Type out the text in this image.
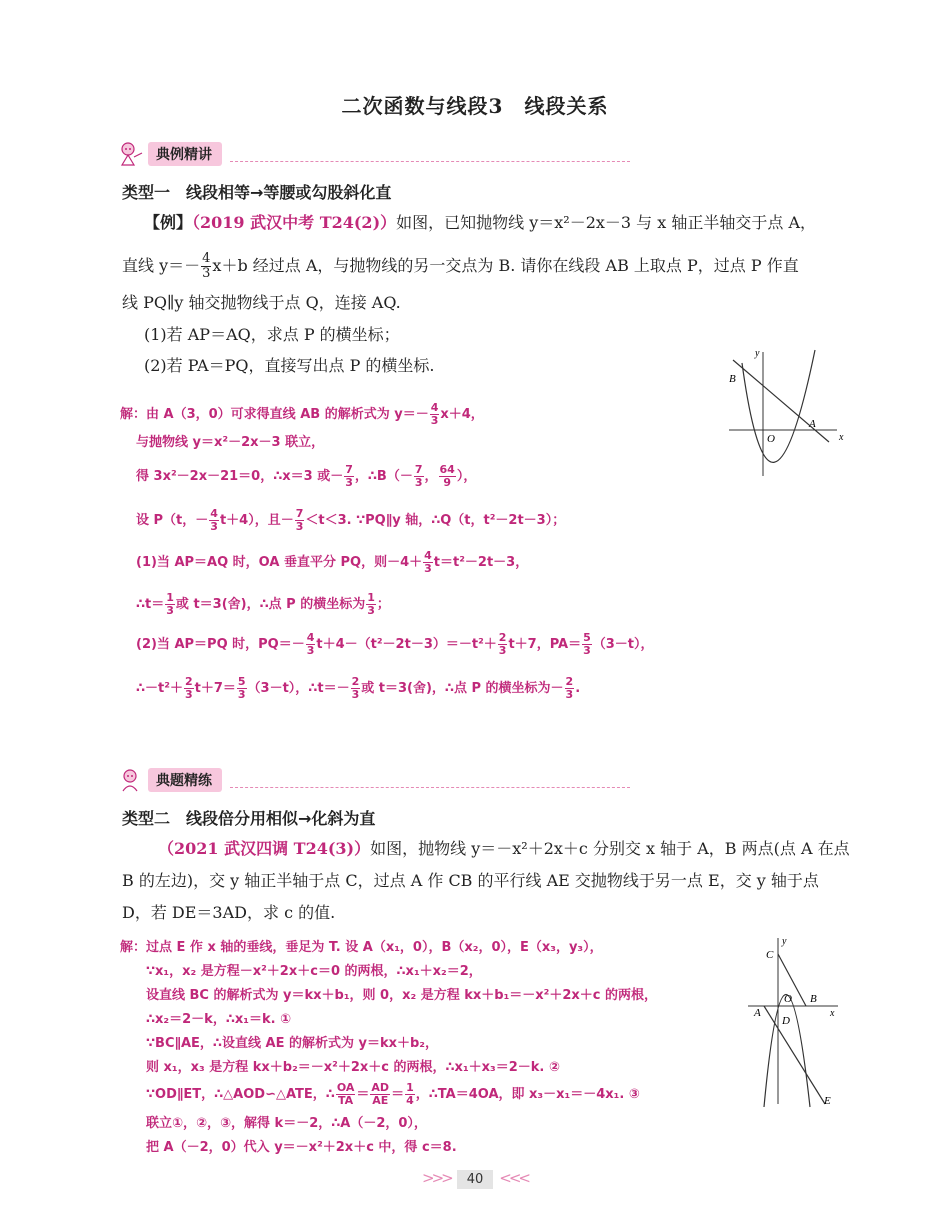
二次函数与线段3　线段关系
典例精讲
类型一　线段相等→等腰或勾股斜化直
【例】（2019 武汉中考 T24(2)）如图，已知抛物线 y＝x²－2x－3 与 x 轴正半轴交于点 A，
直线 $y=- \frac{4}{3} x+b$ 经过点 A，与抛物线的另一交点为 B. 请你在线段 AB 上取点 P，过点 P 作直
线 PQ∥y 轴交抛物线于点 Q，连接 AQ.
(1)若 AP＝AQ，求点 P 的横坐标；
(2)若 PA＝PQ，直接写出点 P 的横坐标.
y
x
B
A
O
解：由 A（3，0）可求得直线 AB 的解析式为 $y=- \frac{4}{3} x+4$，
与抛物线 y＝x²－2x－3 联立，
得 3x²－2x－21＝0，∴x＝3 或－ $\frac{7}{3}$ ，∴B（－ $\frac{7}{3}$ ， $\frac{64}{9}$ ），
设 P（t，－ $\frac{4}{3} t+4$），且－ $\frac{7}{3} <t<3$. ∵PQ∥y 轴，∴Q（t，t²－2t－3）；
(1)当 AP＝AQ 时，OA 垂直平分 PQ，则$-4+ \frac{4}{3} t=t^2-2t-3$，
∴t＝ $\frac{1}{3}$ 或 t＝3(舍)，∴点 P 的横坐标为 $\frac{1}{3}$ ；
(2)当 AP＝PQ 时，$PQ=- \frac{4}{3} t+4-(t^2-2t-3)=-t^2+ \frac{2}{3} t+7$，$PA= \frac{5}{3} (3-t)$，
∴－t²＋ $\frac{2}{3} t+7= \frac{5}{3} (3-t)$，∴t＝－ $\frac{2}{3}$ 或 t＝3(舍)，∴点 P 的横坐标为－ $\frac{2}{3}$ .
典题精练
类型二　线段倍分用相似→化斜为直
（2021 武汉四调 T24(3)）如图，抛物线 y＝－x²＋2x＋c 分别交 x 轴于 A，B 两点(点 A 在点
B 的左边)，交 y 轴正半轴于点 C，过点 A 作 CB 的平行线 AE 交抛物线于另一点 E，交 y 轴于点
D，若 DE＝3AD，求 c 的值.
y
C
O B
A
D
x
E
解：过点 E 作 x 轴的垂线，垂足为 T. 设 A（x₁，0），B（x₂，0），E（x₃，y₃），
∵x₁，x₂ 是方程－x²＋2x＋c＝0 的两根，∴x₁＋x₂＝2，
设直线 BC 的解析式为 y＝kx＋b₁，则 0，x₂ 是方程 kx＋b₁＝－x²＋2x＋c 的两根，
∴x₂＝2－k，∴x₁＝k. ①
∵BC∥AE，∴设直线 AE 的解析式为 y＝kx＋b₂，
则 x₁，x₃ 是方程 kx＋b₂＝－x²＋2x＋c 的两根，∴x₁＋x₃＝2－k. ②
∵OD∥ET，∴△AOD∽△ATE，∴ $\frac{OA}{TA} = \frac{AD}{AE} = \frac{1}{4}$ ，∴TA＝4OA，即 x₃－x₁＝－4x₁. ③
联立①，②，③，解得 k＝－2，∴A（－2，0），
把 A（－2，0）代入 y＝－x²＋2x＋c 中，得 c＝8.
>>> 40 <<<
